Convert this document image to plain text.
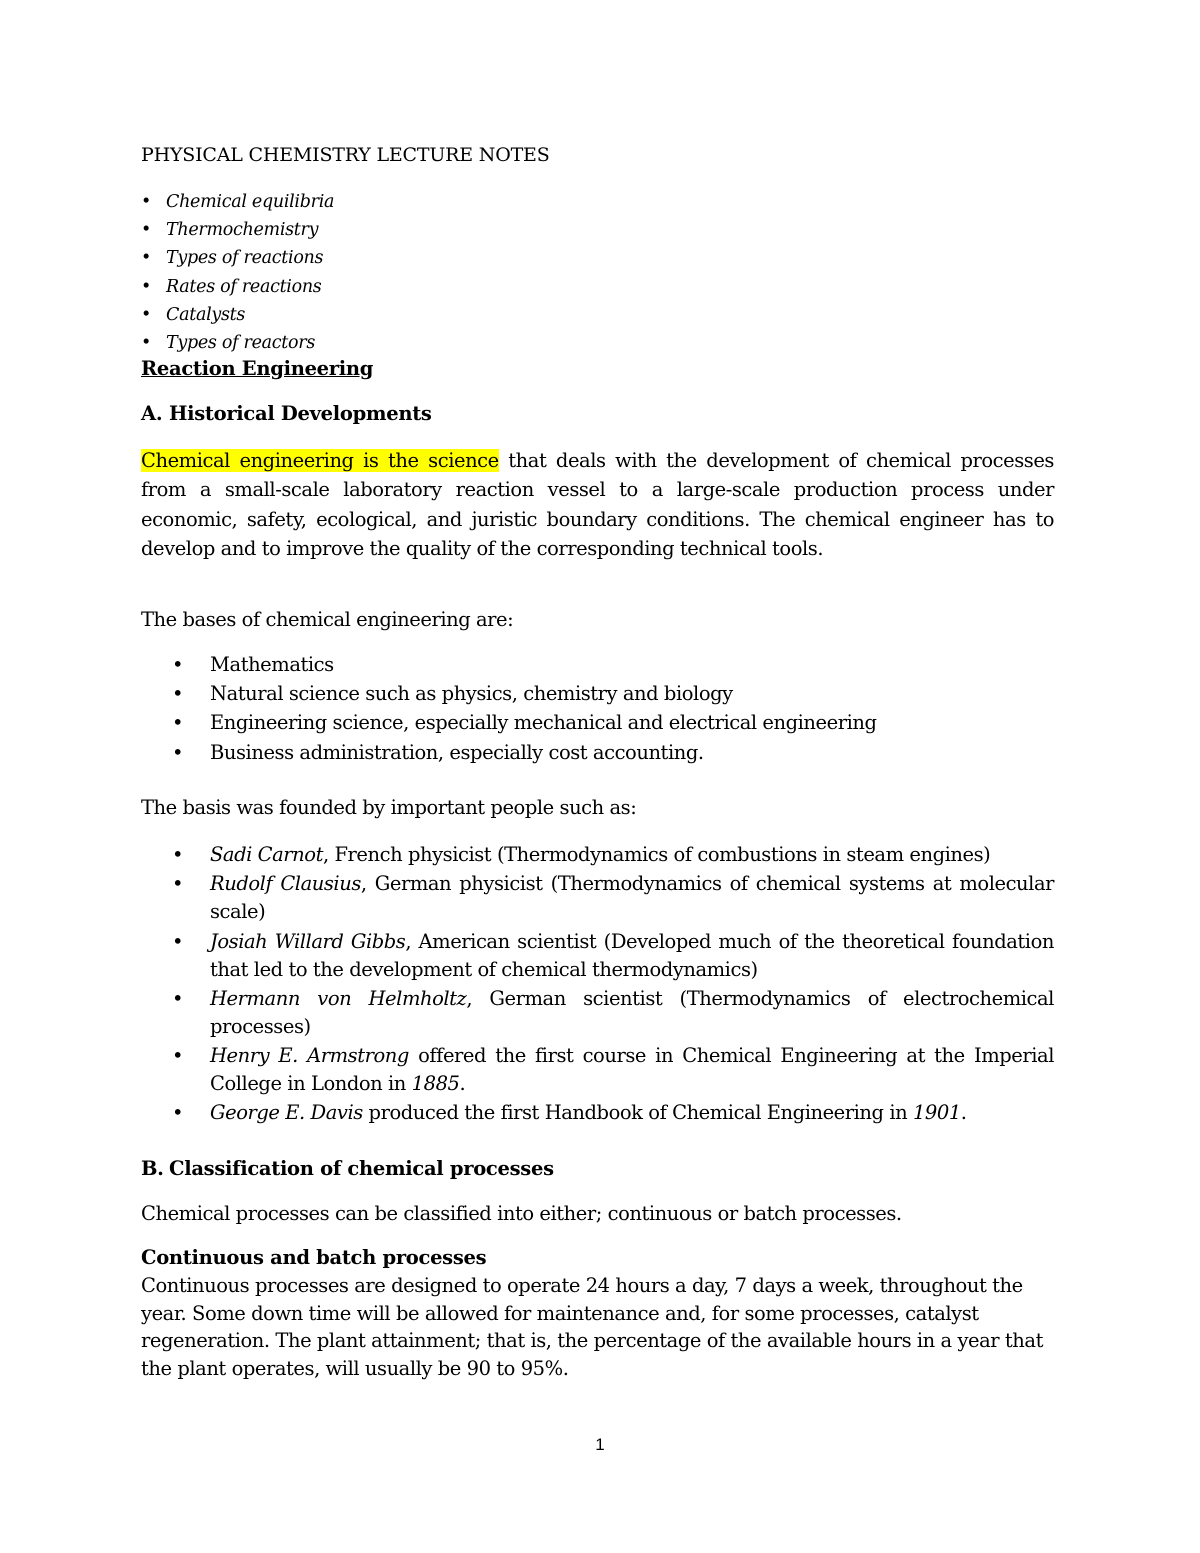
PHYSICAL CHEMISTRY LECTURE NOTES
• Chemical equilibria
• Thermochemistry
• Types of reactions
• Rates of reactions
• Catalysts
• Types of reactors
Reaction Engineering
A. Historical Developments
Chemical engineering is the science that deals with the development of chemical processes from a small-scale laboratory reaction vessel to a large-scale production process under economic, safety, ecological, and juristic boundary conditions. The chemical engineer has to develop and to improve the quality of the corresponding technical tools.
The bases of chemical engineering are:
• Mathematics
• Natural science such as physics, chemistry and biology
• Engineering science, especially mechanical and electrical engineering
• Business administration, especially cost accounting.
The basis was founded by important people such as:
• Sadi Carnot, French physicist (Thermodynamics of combustions in steam engines)
• Rudolf Clausius, German physicist (Thermodynamics of chemical systems at molecular scale)
• Josiah Willard Gibbs, American scientist (Developed much of the theoretical foundation that led to the development of chemical thermodynamics)
• Hermann von Helmholtz, German scientist (Thermodynamics of electrochemical processes)
• Henry E. Armstrong offered the first course in Chemical Engineering at the Imperial College in London in 1885.
• George E. Davis produced the first Handbook of Chemical Engineering in 1901.
B. Classification of chemical processes
Chemical processes can be classified into either; continuous or batch processes.
Continuous and batch processes
Continuous processes are designed to operate 24 hours a day, 7 days a week, throughout the year. Some down time will be allowed for maintenance and, for some processes, catalyst regeneration. The plant attainment; that is, the percentage of the available hours in a year that the plant operates, will usually be 90 to 95%.
1
